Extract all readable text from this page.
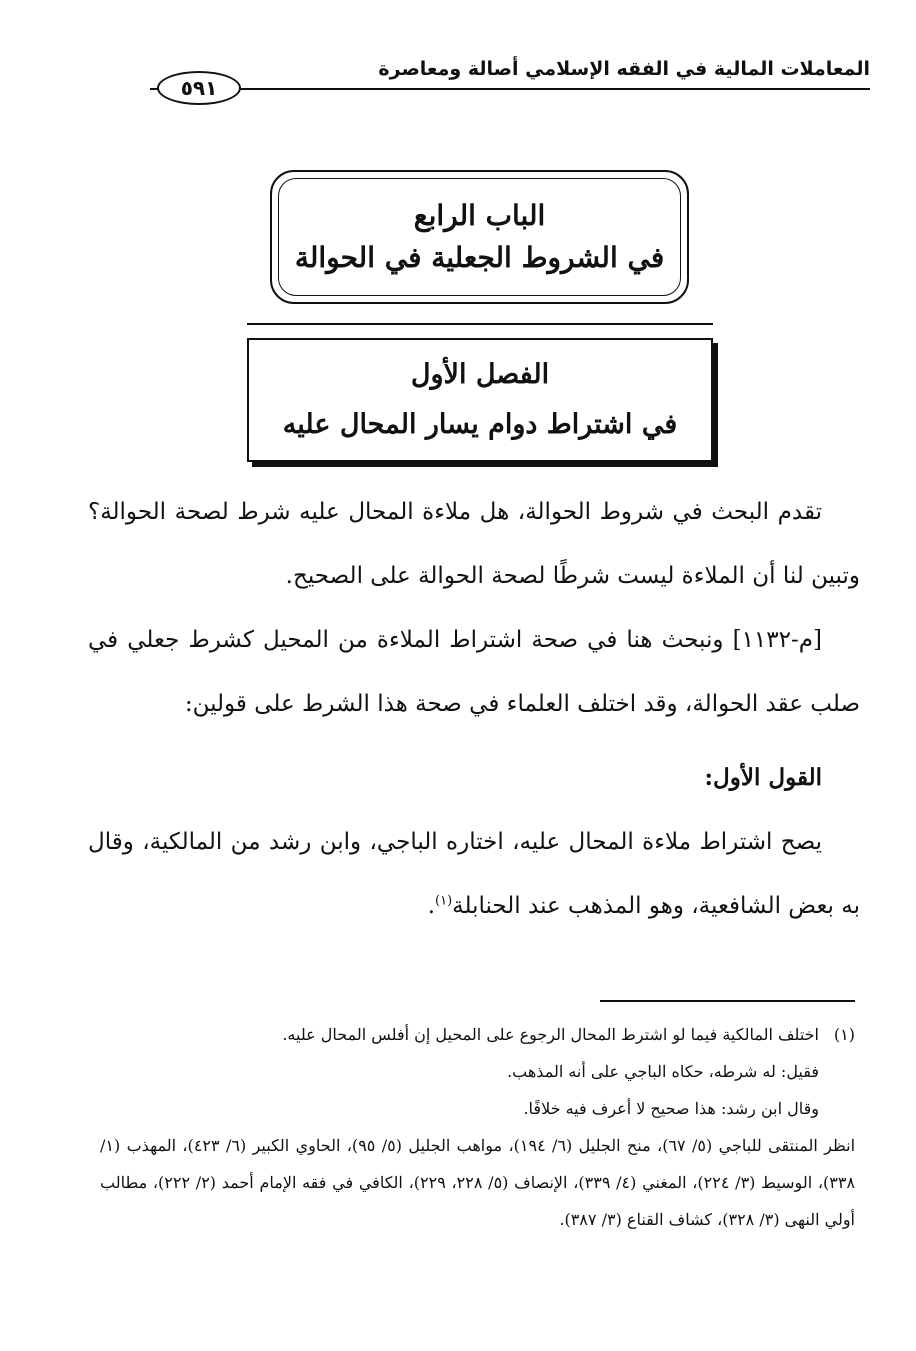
المعاملات المالية في الفقه الإسلامي أصالة ومعاصرة
٥٩١
الباب الرابع
في الشروط الجعلية في الحوالة
الفصل الأول
في اشتراط دوام يسار المحال عليه

تقدم البحث في شروط الحوالة، هل ملاءة المحال عليه شرط لصحة الحوالة؟ وتبين لنا أن الملاءة ليست شرطًا لصحة الحوالة على الصحيح.

[م-١١٣٢] ونبحث هنا في صحة اشتراط الملاءة من المحيل كشرط جعلي في صلب عقد الحوالة، وقد اختلف العلماء في صحة هذا الشرط على قولين:

القول الأول:

يصح اشتراط ملاءة المحال عليه، اختاره الباجي، وابن رشد من المالكية، وقال به بعض الشافعية، وهو المذهب عند الحنابلة$^{(١)}$.

(١)اختلف المالكية فيما لو اشترط المحال الرجوع على المحيل إن أفلس المحال عليه.

فقيل: له شرطه، حكاه الباجي على أنه المذهب.

وقال ابن رشد: هذا صحيح لا أعرف فيه خلافًا.

انظر المنتقى للباجي (٥/ ٦٧)، منح الجليل (٦/ ١٩٤)، مواهب الجليل (٥/ ٩٥)، الحاوي الكبير (٦/ ٤٢٣)، المهذب (١/ ٣٣٨)، الوسيط (٣/ ٢٢٤)، المغني (٤/ ٣٣٩)، الإنصاف (٥/ ٢٢٨، ٢٢٩)، الكافي في فقه الإمام أحمد (٢/ ٢٢٢)، مطالب أولي النهى (٣/ ٣٢٨)، كشاف القناع (٣/ ٣٨٧).
